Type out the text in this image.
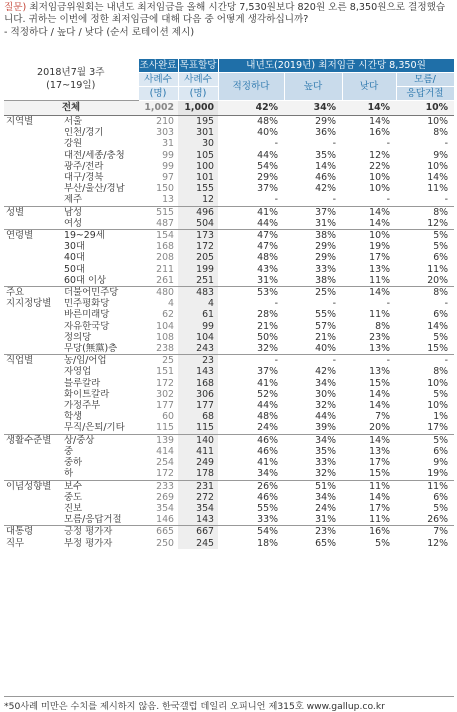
질문) 최저임금위원회는 내년도 최저임금을 올해 시간당 7,530원보다 820원 오른 8,350원으로 결정했습니다. 귀하는 이번에 정한 최저임금에 대해 다음 중 어떻게 생각하십니까?
- 적정하다 / 높다 / 낮다 (순서 로테이션 제시)
2018년7월 3주
(17~19일)		조사완료	목표할당	내년도(2019년) 최저임금 시간당 8,350원			
		사례수	사례수	적정하다	높다	낮다	모름/
		(명)	(명)				응답거절
전체		1,002	1,000	42%	34%	14%	10%

지역별	서울	210	195	48%	29%	14%	10%
	인천/경기	303	301	40%	36%	16%	8%
	강원	31	30	-	-	-	-
	대전/세종/충청	99	105	44%	35%	12%	9%
	광주/전라	99	100	54%	14%	22%	10%
	대구/경북	97	101	29%	46%	10%	14%
	부산/울산/경남	150	155	37%	42%	10%	11%
	제주	13	12	-	-	-	-

성별	남성	515	496	41%	37%	14%	8%
	여성	487	504	44%	31%	14%	12%

연령별	19~29세	154	173	47%	38%	10%	5%
	30대	168	172	47%	29%	19%	5%
	40대	208	205	48%	29%	17%	6%
	50대	211	199	43%	33%	13%	11%
	60대 이상	261	251	31%	38%	11%	20%

주요
지지정당별	더불어민주당	480	483	53%	25%	14%	8%
	민주평화당	4	4	-	-	-	-
	바른미래당	62	61	28%	55%	11%	6%
	자유한국당	104	99	21%	57%	8%	14%
	정의당	108	104	50%	21%	23%	5%
	무당(無黨)층	238	243	32%	40%	13%	15%

직업별	농/임/어업	25	23	-	-	-	-
	자영업	151	143	37%	42%	13%	8%
	블루칼라	172	168	41%	34%	15%	10%
	화이트칼라	302	306	52%	30%	14%	5%
	가정주부	177	177	44%	32%	14%	10%
	학생	60	68	48%	44%	7%	1%
	무직/은퇴/기타	115	115	24%	39%	20%	17%

생활수준별	상/중상	139	140	46%	34%	14%	5%
	중	414	411	46%	35%	13%	6%
	중하	254	249	41%	33%	17%	9%
	하	172	178	34%	32%	15%	19%

이념성향별	보수	233	231	26%	51%	11%	11%
	중도	269	272	46%	34%	14%	6%
	진보	354	354	55%	24%	17%	5%
	모름/응답거절	146	143	33%	31%	11%	26%

대통령
직무	긍정 평가자	665	667	54%	23%	16%	7%
	부정 평가자	250	245	18%	65%	5%	12%
*50사례 미만은 수치를 제시하지 않음. 한국갤럽 데일리 오피니언 제315호 www.gallup.co.kr
